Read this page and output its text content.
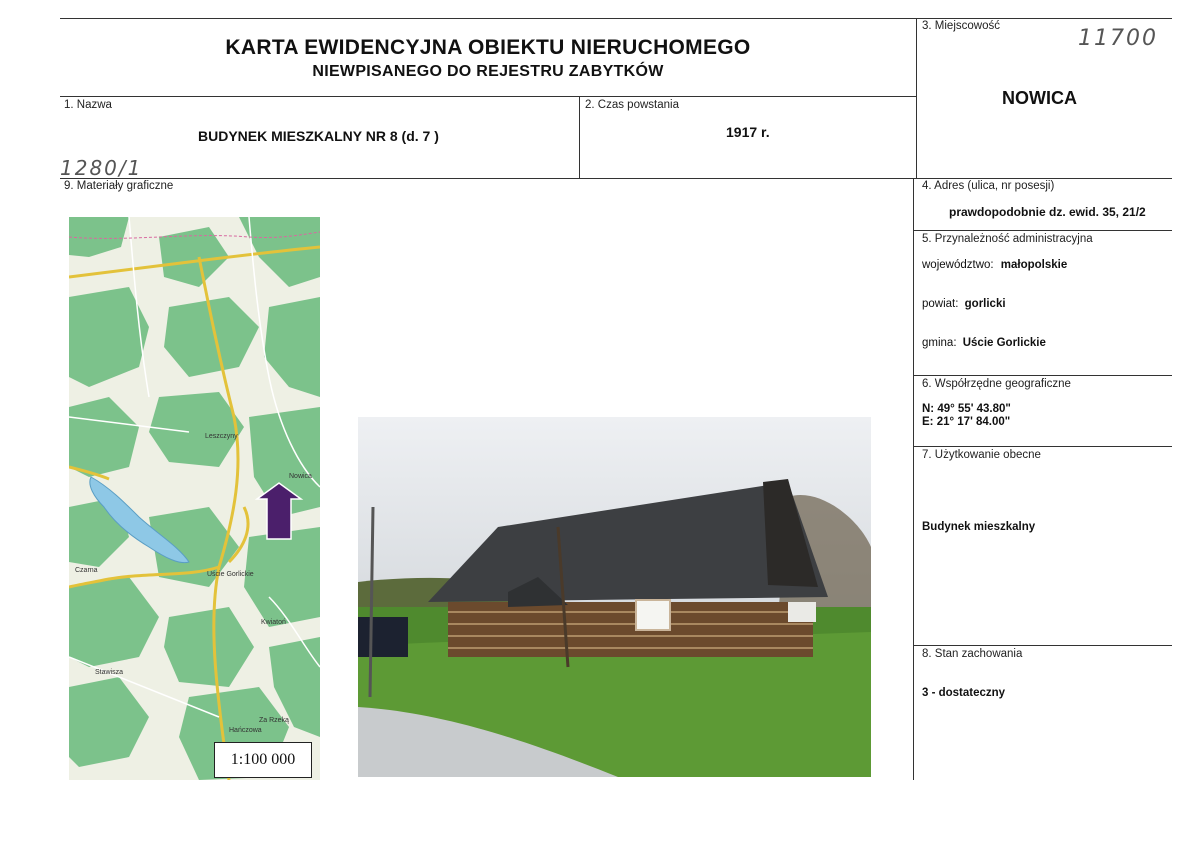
KARTA EWIDENCYJNA OBIEKTU NIERUCHOMEGO
NIEWPISANEGO DO REJESTRU ZABYTKÓW
11700
1280/1
1. Nazwa
BUDYNEK MIESZKALNY NR 8 (d. 7 )
2. Czas powstania
1917 r.
3. Miejscowość
NOWICA
9. Materiały graficzne	4. Adres (ulica, nr posesji)
prawdopodobnie dz. ewid. 35, 21/2
5. Przynależność administracyjna
województwo: małopolskie
powiat: gorlicki
gmina: Uście Gorlickie
6. Współrzędne geograficzne
N: 49° 55' 43.80"
E: 21° 17' 84.00"
7. Użytkowanie obecne
Budynek mieszkalny
8. Stan zachowania
3 - dostateczny
Nowica
Uście Gorlickie
Kwiatoń
Hańczowa
Stawisza
Czarna
Leszczyny
Za Rzeką
1:100 000
